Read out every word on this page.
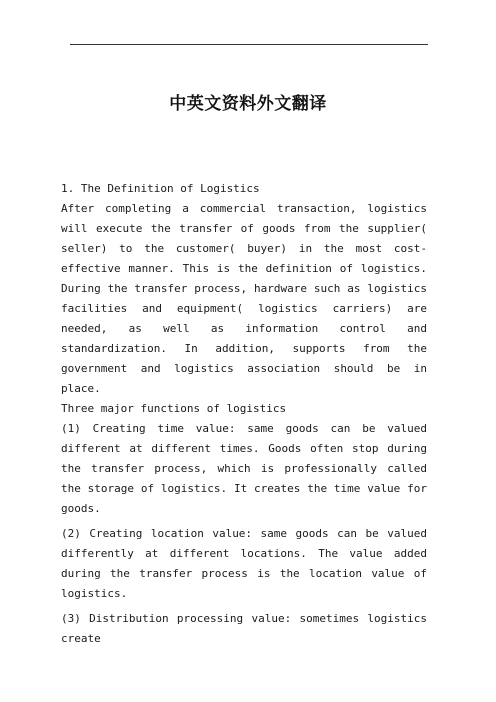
中英文资料外文翻译

1. The Definition of Logistics

After completing a commercial transaction, logistics will execute the transfer of goods from the supplier( seller) to the customer( buyer) in the most cost-effective manner. This is the definition of logistics. During the transfer process, hardware such as logistics facilities and equipment( logistics carriers) are needed, as well as information control and standardization. In addition, supports from the government and logistics association should be in place.

Three major functions of logistics

(1) Creating time value: same goods can be valued different at different times. Goods often stop during the transfer process, which is professionally called the storage of logistics. It creates the time value for goods.

(2) Creating location value: same goods can be valued differently at different locations. The value added during the transfer process is the location value of logistics.

(3) Distribution processing value: sometimes logistics create
